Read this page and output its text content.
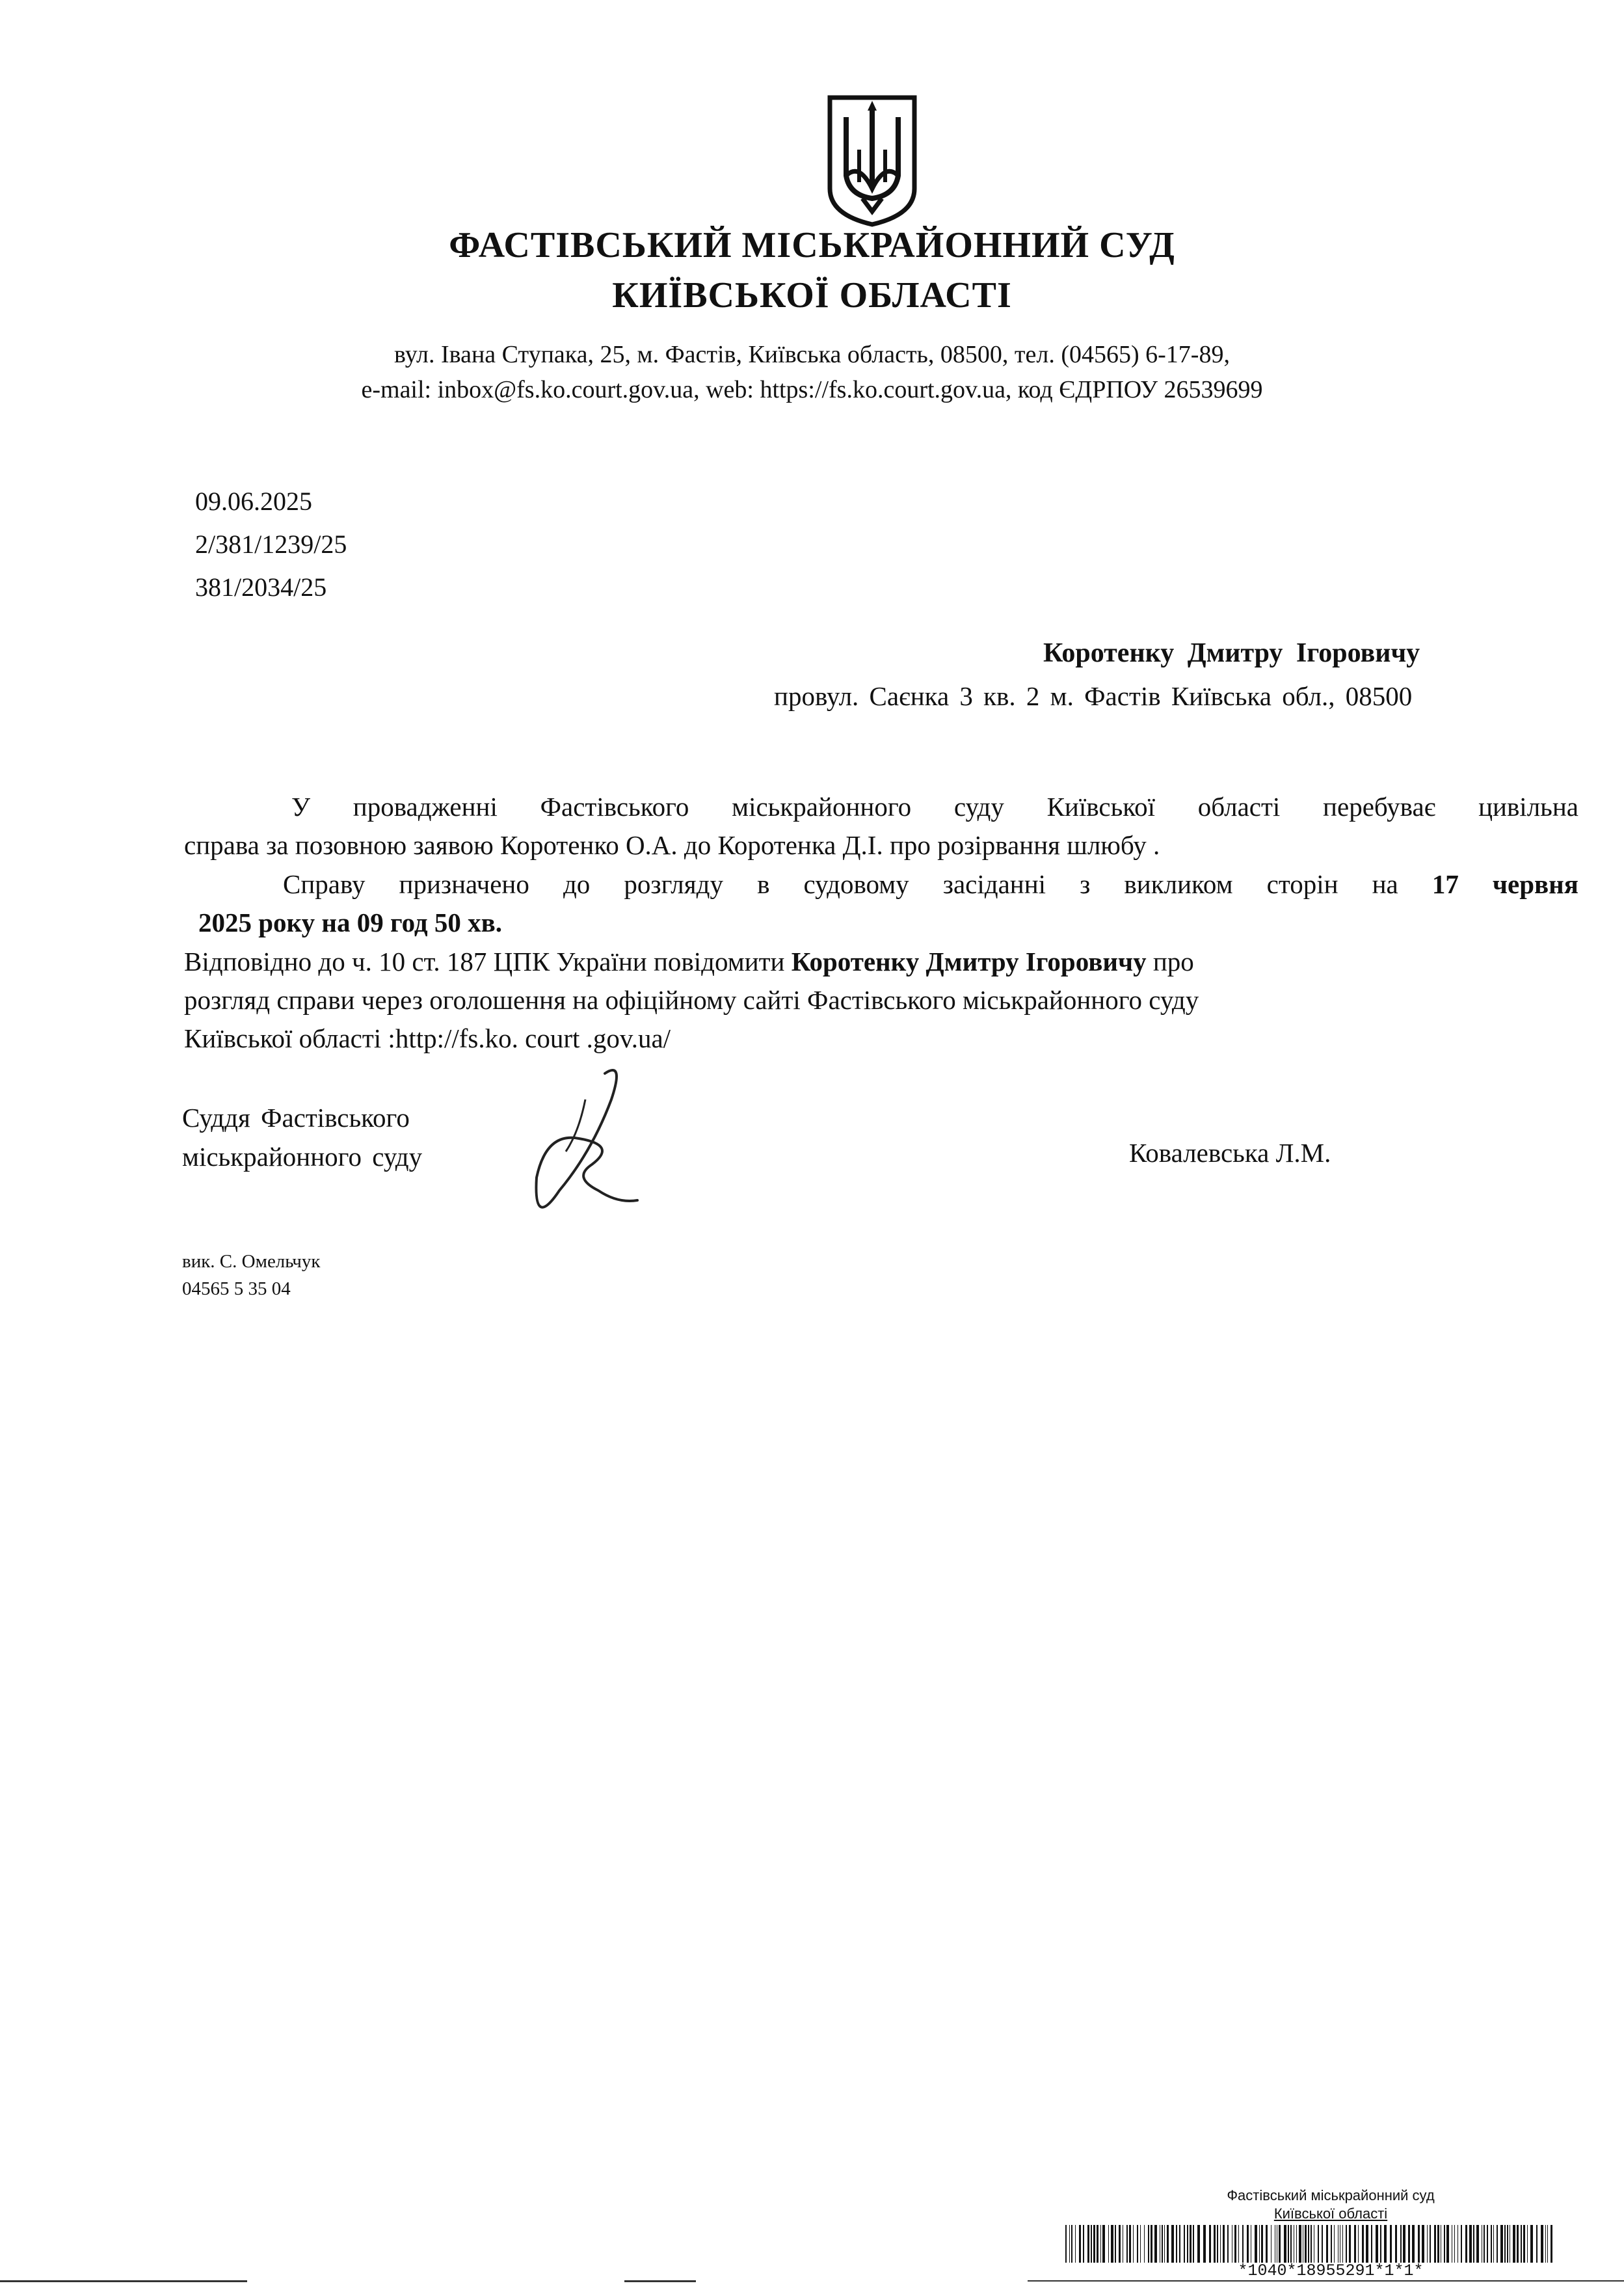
ФАСТІВСЬКИЙ МІСЬКРАЙОННИЙ СУД
КИЇВСЬКОЇ ОБЛАСТІ
вул. Івана Ступака, 25, м. Фастів, Київська область, 08500, тел. (04565) 6-17-89,
e-mail: inbox@fs.ko.court.gov.ua, web: https://fs.ko.court.gov.ua, код ЄДРПОУ 26539699
09.06.2025
2/381/1239/25
381/2034/25
Коротенку Дмитру Ігоровичу
провул. Саєнка 3 кв. 2 м. Фастів Київська обл., 08500
У провадженні Фастівського міськрайонного суду Київської області перебуває цивільна
справа за позовною заявою Коротенко О.А. до Коротенка Д.І. про розірвання шлюбу .
Справу призначено до розгляду в судовому засіданні з викликом сторін на 17 червня
2025 року на 09 год 50 хв.
Відповідно до ч. 10 ст. 187 ЦПК України повідомити Коротенку Дмитру Ігоровичу про
розгляд справи через оголошення на офіційному сайті Фастівського міськрайонного суду
Київської області :http://fs.ko. court .gov.ua/
Суддя Фастівського
міськрайонного суду	Ковалевська Л.М.
вик. С. Омельчук
04565 5 35 04
Фастівський міськрайонний суд
Київської області
*1040*18955291*1*1*
